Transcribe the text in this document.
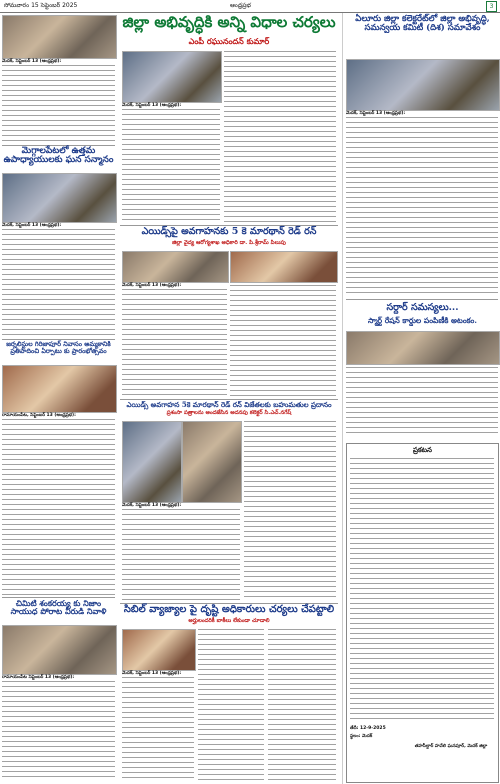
సోమవారం 15 సెప్టెంబర్ 2025	ఆంధ్రప్రభ	3
మెదక్, సెప్టెంబర్ 13 (ఆంధ్రప్రభ):
మెగ్గాలపేటలో ఉత్తమ ఉపాధ్యాయులకు ఘన సన్మానం
మెదక్, సెప్టెంబర్ 13 (ఆంధ్రప్రభ):
జర్నలిస్టుల గిరిజాపూర్ నివాసం అమ్మకానికి ప్రతిపాదించి ఏర్పాటు కు ప్రారంభోత్సవం
రామాయంపేట, సెప్టెంబర్ 13 (ఆంధ్రప్రభ):
చిమిటి శంకరయ్య కు నిజాం సాయుధ పోరాట వీరుడి నివాళి
రామాయంపేట సెప్టెంబర్ 13 (ఆంధ్రప్రభ):
జిల్లా అభివృద్ధికి అన్ని విధాల చర్యలు
ఎంపీ రఘునందన్ కుమార్
మెదక్, సెప్టెంబర్ 13 (ఆంధ్రప్రభ):
ఎయిడ్స్‌పై అవగాహనకు 5 కె మారథాన్ రెడ్ రన్
జిల్లా వైద్య ఆరోగ్యశాఖ అధికారి డా. పి.శ్రీరామ్ పిలుపు
మెదక్, సెప్టెంబర్ 13 (ఆంధ్రప్రభ):
ఎయిడ్స్ అవగాహన 5కె మారథాన్ రెడ్ రన్ విజేతలకు బహుమతుల ప్రదానం
ప్రశంసా పత్రాలను అందజేసిన అదనపు కలెక్టర్ సి.ఎచ్.నగేష్
మెదక్, సెప్టెంబర్ 13 (ఆంధ్రప్రభ):
సిబిల్ వ్యాజ్యాల పై దృష్టి అధికారులు చర్యలు చేపట్టాలి
అర్హులందరికీ బాకీలు లేకుండా చూడాలి
మెదక్, సెప్టెంబర్ 13 (ఆంధ్రప్రభ):
ఏలూరు జిల్లా కలెక్టరేట్‌లో జిల్లా అభివృద్ధి, సమన్వయ కమిటీ (దిశ) సమావేశం
మెదక్, సెప్టెంబర్ 13 (ఆంధ్రప్రభ):
సర్దార్ సమస్యలు...
స్మార్ట్ రేషన్ కార్డుల పంపిణీకి అటంకం.
ప్రకటన
తేదీ: 12-9-2025
స్థలం: మెదక్
తహసీల్దార్ హవేలి ఘనపూర్, మెదక్ జిల్లా
